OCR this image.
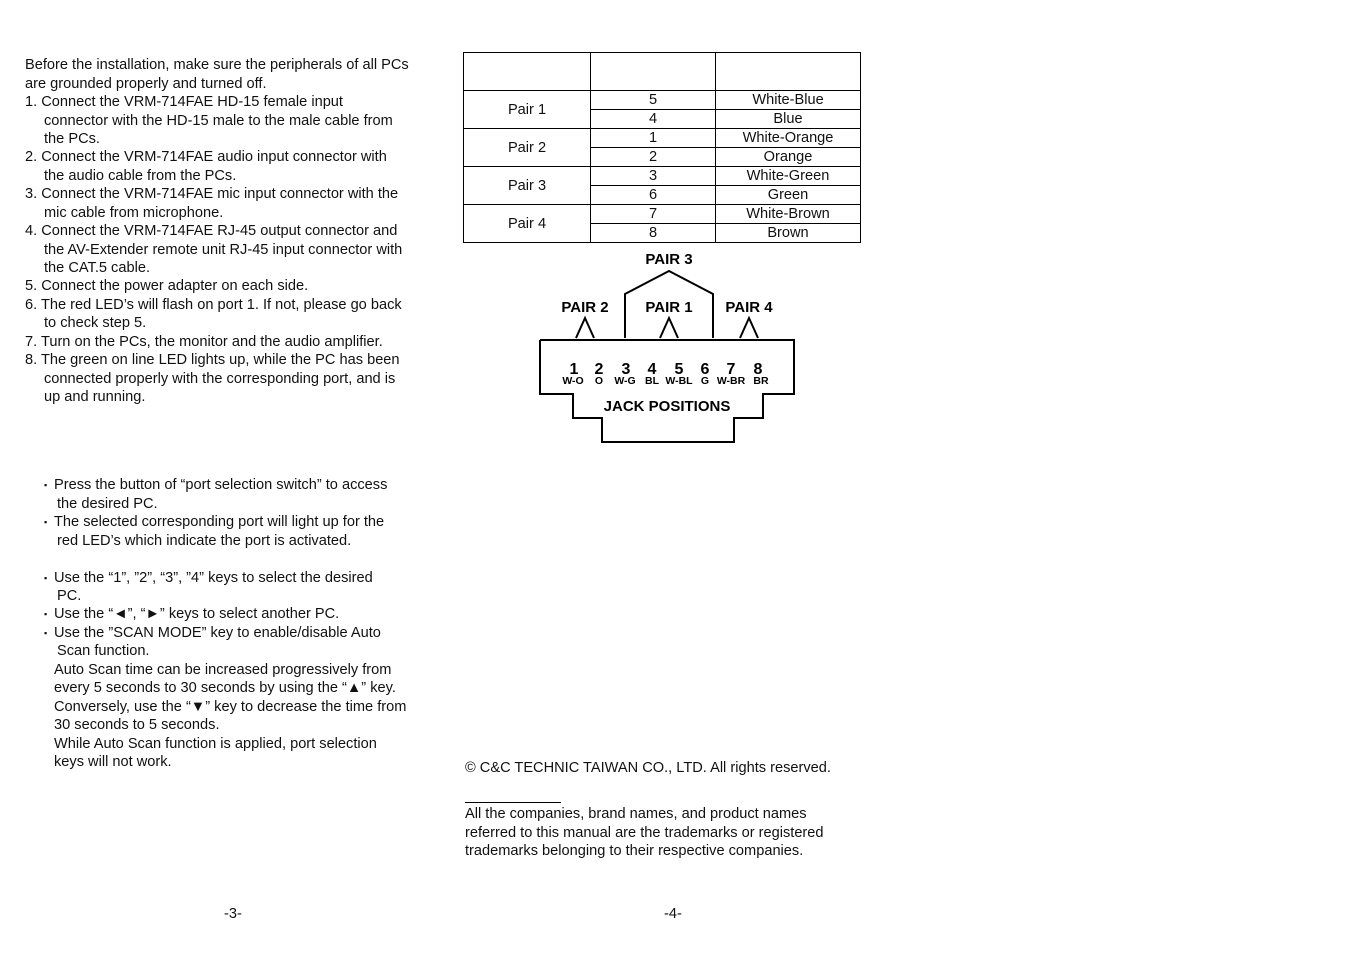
Before the installation, make sure the peripherals of all PCs
are grounded properly and turned off.
1. Connect the VRM-714FAE HD-15 female input
connector with the HD-15 male to the male cable from
the PCs.
2. Connect the VRM-714FAE audio input connector with
the audio cable from the PCs.
3. Connect the VRM-714FAE mic input connector with the
mic cable from microphone.
4. Connect the VRM-714FAE RJ-45 output connector and
the AV-Extender remote unit RJ-45 input connector with
the CAT.5 cable.
5. Connect the power adapter on each side.
6. The red LED’s will flash on port 1. If not, please go back
to check step 5.
7. Turn on the PCs, the monitor and the audio amplifier.
8. The green on line LED lights up, while the PC has been
connected properly with the corresponding port, and is
up and running.
▪ Press the button of “port selection switch” to access
the desired PC.
▪ The selected corresponding port will light up for the
red LED’s which indicate the port is activated.
▪ Use the “1”, ”2”, “3”, ”4” keys to select the desired
PC.
▪ Use the “◄”, “►” keys to select another PC.
▪ Use the ”SCAN MODE” key to enable/disable Auto
Scan function.
Auto Scan time can be increased progressively from
every 5 seconds to 30 seconds by using the “▲” key.
Conversely, use the “▼” key to decrease the time from
30 seconds to 5 seconds.
While Auto Scan function is applied, port selection
keys will not work.
-3-

Pair 1	5	White-Blue
	4	Blue
Pair 2	1	White-Orange
	2	Orange
Pair 3	3	White-Green
	6	Green
Pair 4	7	White-Brown
	8	Brown
PAIR 3
PAIR 2 PAIR 1 PAIR 4
1 2 3 4 5 6 7 8
W-O O W-G BL W-BL G W-BR BR
JACK POSITIONS
© C&C TECHNIC TAIWAN CO., LTD. All rights reserved.
All the companies, brand names, and product names
referred to this manual are the trademarks or registered
trademarks belonging to their respective companies.
-4-
